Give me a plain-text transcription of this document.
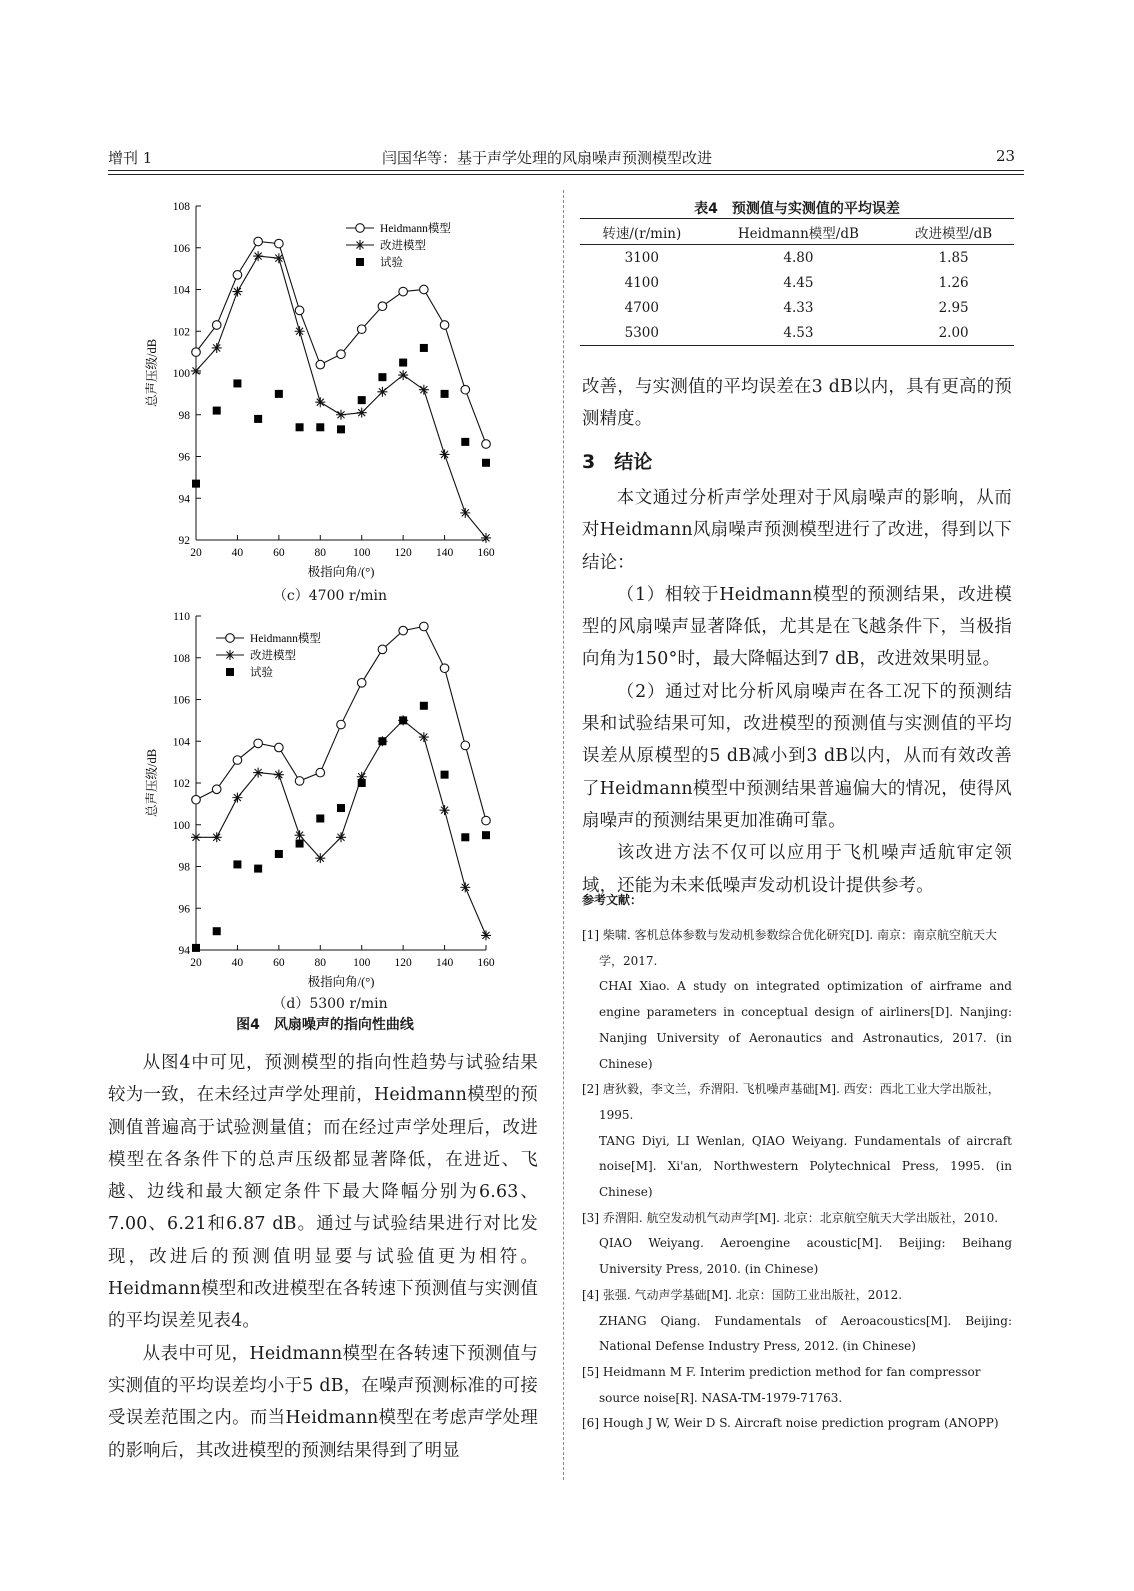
增刊 1	闫国华等：基于声学处理的风扇噪声预测模型改进	23
92
94
96
98
100
102
104
106
108
20	40	60	80 100 120 140 160
极指向角/(°)
总声压级/dB
Heidmann模型
改进模型
试验
（c）4700 r/min
94
96
98
100
102
104
106
108
110
20	40	60	80 100 120 140 160
极指向角/(°)
总声压级/dB
Heidmann模型
改进模型
试验
（d）5300 r/min
图4　风扇噪声的指向性曲线

从图4中可见，预测模型的指向性趋势与试验结果较为一致，在未经过声学处理前，Heidmann模型的预测值普遍高于试验测量值；而在经过声学处理后，改进模型在各条件下的总声压级都显著降低，在进近、飞越、边线和最大额定条件下最大降幅分别为6.63、7.00、6.21和6.87 dB。通过与试验结果进行对比发现，改进后的预测值明显要与试验值更为相符。Heidmann模型和改进模型在各转速下预测值与实测值的平均误差见表4。

从表中可见，Heidmann模型在各转速下预测值与实测值的平均误差均小于5 dB，在噪声预测标准的可接受误差范围之内。而当Heidmann模型在考虑声学处理的影响后，其改进模型的预测结果得到了明显

表4　预测值与实测值的平均误差
转速/(r/min)	Heidmann模型/dB	改进模型/dB
3100	4.80	1.85
4100	4.45	1.26
4700	4.33	2.95
5300	4.53	2.00
改善，与实测值的平均误差在3 dB以内，具有更高的预测精度。
3　结论

本文通过分析声学处理对于风扇噪声的影响，从而对Heidmann风扇噪声预测模型进行了改进，得到以下结论：

（1）相较于Heidmann模型的预测结果，改进模型的风扇噪声显著降低，尤其是在飞越条件下，当极指向角为150°时，最大降幅达到7 dB，改进效果明显。

（2）通过对比分析风扇噪声在各工况下的预测结果和试验结果可知，改进模型的预测值与实测值的平均误差从原模型的5 dB减小到3 dB以内，从而有效改善了Heidmann模型中预测结果普遍偏大的情况，使得风扇噪声的预测结果更加准确可靠。

该改进方法不仅可以应用于飞机噪声适航审定领域，还能为未来低噪声发动机设计提供参考。

参考文献：
[1] 柴啸. 客机总体参数与发动机参数综合优化研究[D]. 南京：南京航空航天大学，2017.
CHAI Xiao. A study on integrated optimization of airframe and engine parameters in conceptual design of airliners[D]. Nanjing: Nanjing University of Aeronautics and Astronautics, 2017. (in Chinese)
[2] 唐狄毅，李文兰，乔渭阳. 飞机噪声基础[M]. 西安：西北工业大学出版社，1995.
TANG Diyi, LI Wenlan, QIAO Weiyang. Fundamentals of aircraft noise[M]. Xi'an, Northwestern Polytechnical Press, 1995. (in Chinese)
[3] 乔渭阳. 航空发动机气动声学[M]. 北京：北京航空航天大学出版社，2010.
QIAO Weiyang. Aeroengine acoustic[M]. Beijing: Beihang University Press, 2010. (in Chinese)
[4] 张强. 气动声学基础[M]. 北京：国防工业出版社，2012.
ZHANG Qiang. Fundamentals of Aeroacoustics[M]. Beijing: National Defense Industry Press, 2012. (in Chinese)
[5] Heidmann M F. Interim prediction method for fan compressor source noise[R]. NASA-TM-1979-71763.
[6] Hough J W, Weir D S. Aircraft noise prediction program (ANOPP)
